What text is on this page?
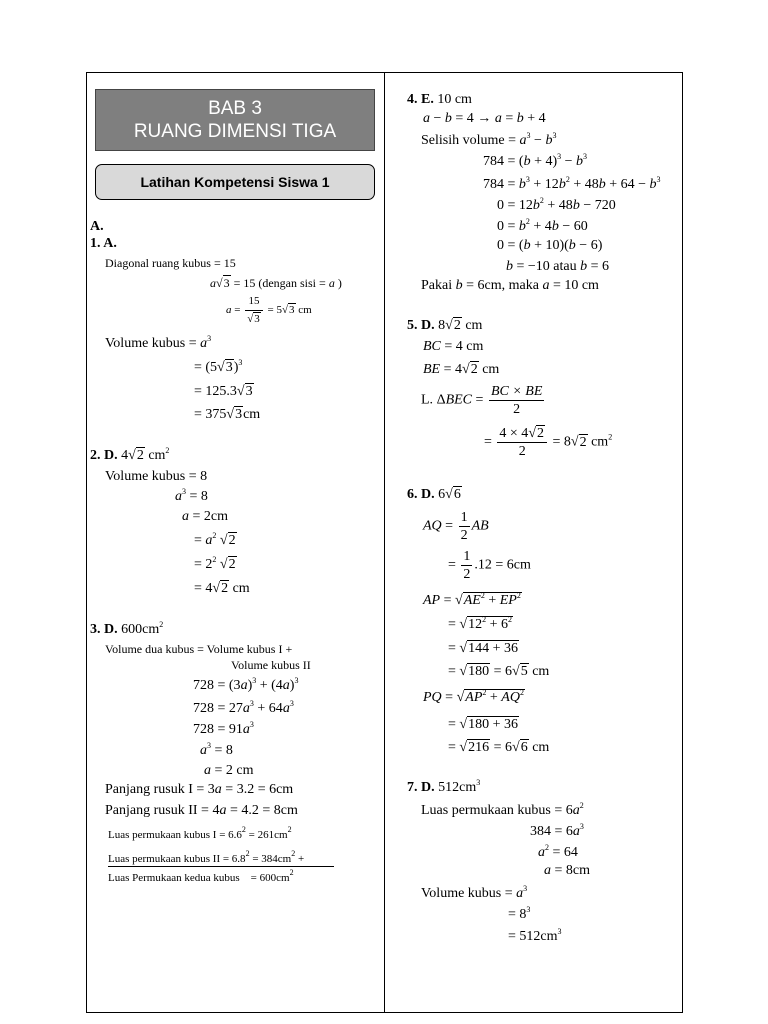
BAB 3
RUANG DIMENSI TIGA
Latihan Kompetensi Siswa 1
A.
1. A.
Diagonal ruang kubus = 15
a√3 = 15 (dengan sisi = a )
$a = \frac{15}{√3} = 5√3$ cm
Volume kubus = $a^3$
= $(5√3)^3$
= 125.3√3
= 375√3cm
2. D. 4√2 $cm^2$
Volume kubus = 8
$a^3 = 8$
a = 2cm
= $a^2$ √2
= $2^2$ √2
= 4√2 cm
3. D. $600cm^2$
Volume dua kubus = Volume kubus I +
Volume kubus II
$728 = (3a)^3 + (4a)^3$
$728 = 27a^3 + 64a^3$
$728 = 91a^3$
$a^3 = 8$
a = 2 cm
Panjang rusuk I = 3a = 3.2 = 6cm
Panjang rusuk II = 4a = 4.2 = 8cm
Luas permukaan kubus $I = 6.6^2 = 261cm^2$
Luas permukaan kubus II = $6.8^2 = 384cm^2$ +
Luas Permukaan kedua kubus = $600cm^2$
4. E. 10 cm
a − b = 4 → a = b + 4
Selisih volume = $a^3 - b^3$
$784 = (b + 4)^3 - b^3$
$784 = b^3 + 12b^2 + 48b + 64 - b^3$
$0 = 12b^2 + 48b - 720$
$0 = b^2 + 4b - 60$
0 = (b + 10)(b − 6)
b = −10 atau b = 6
Pakai b = 6cm, maka a = 10 cm
5. D. 8√2 cm
BC = 4 cm
BE = 4√2 cm
L. $\Delta BEC = \frac{BC \times BE}{2}$
= $\frac{4 \times 4√2}{2} = 8√2$ $cm^2$
6. D. 6√6
AQ = $\frac{1}{2}$ AB
= $\frac{1}{2} .12 = 6cm$
AP = $√AE^2 + EP^2$
= $√12^2 + 6^2$
= √144 + 36
= √180 = 6√5 cm
PQ = $√AP^2 + AQ^2$
= √180 + 36
= √216 = 6√6 cm
7. D. $512cm^3$
Luas permukaan kubus = $6a^2$
$384 = 6a^3$
$a^2 = 64$
a = 8cm
Volume kubus = $a^3$
= $8^3$
= $512cm^3$
